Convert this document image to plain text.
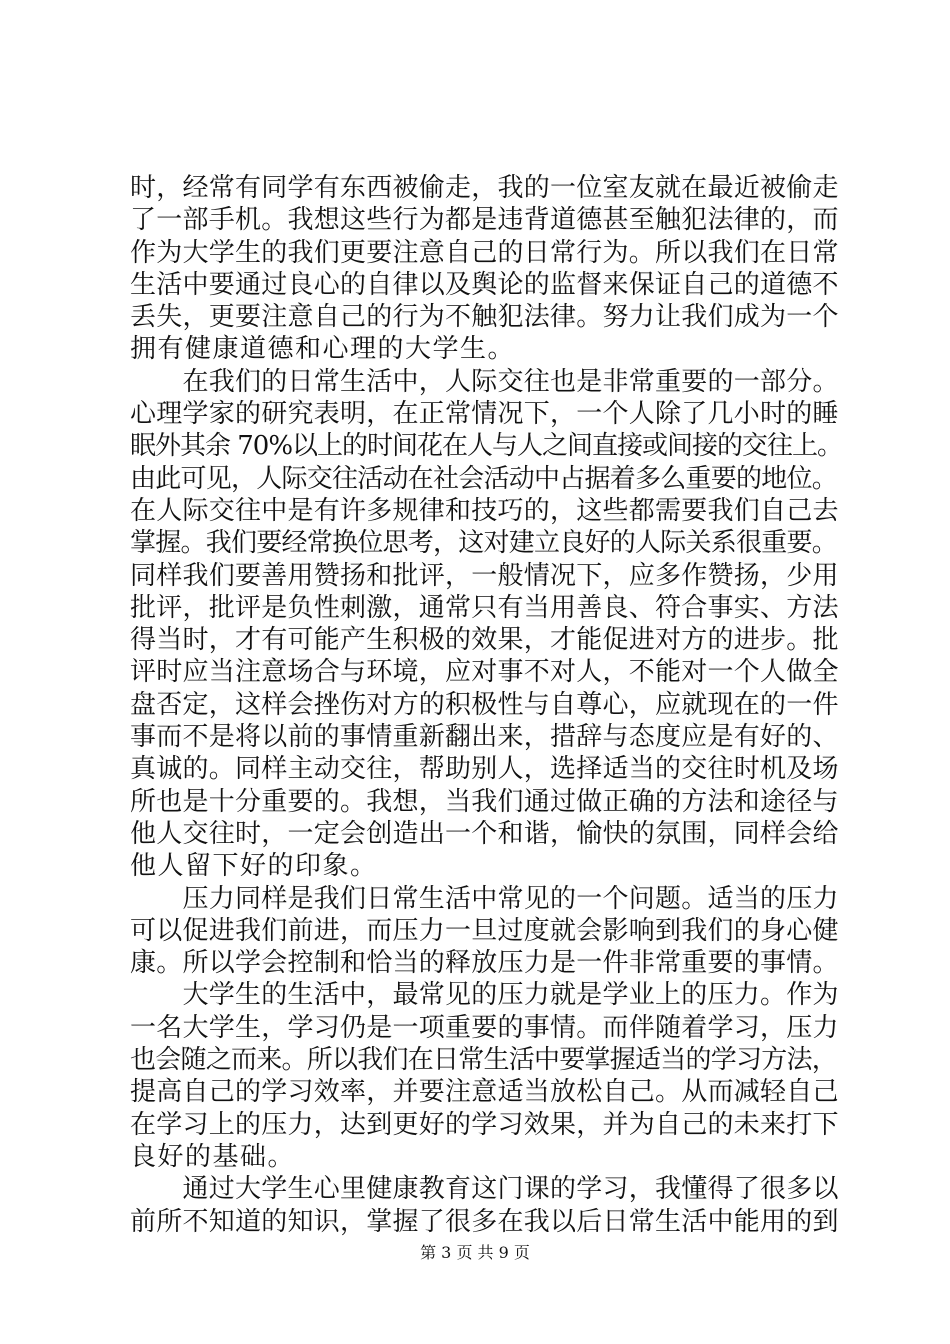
时，经常有同学有东西被偷走，我的一位室友就在最近被偷走
了一部手机。我想这些行为都是违背道德甚至触犯法律的，而
作为大学生的我们更要注意自己的日常行为。所以我们在日常
生活中要通过良心的自律以及舆论的监督来保证自己的道德不
丢失，更要注意自己的行为不触犯法律。努力让我们成为一个
拥有健康道德和心理的大学生。
　　在我们的日常生活中，人际交往也是非常重要的一部分。
心理学家的研究表明，在正常情况下，一个人除了几小时的睡
眠外其余 70%以上的时间花在人与人之间直接或间接的交往上。
由此可见，人际交往活动在社会活动中占据着多么重要的地位。
在人际交往中是有许多规律和技巧的，这些都需要我们自己去
掌握。我们要经常换位思考，这对建立良好的人际关系很重要。
同样我们要善用赞扬和批评，一般情况下，应多作赞扬，少用
批评，批评是负性刺激，通常只有当用善良、符合事实、方法
得当时，才有可能产生积极的效果，才能促进对方的进步。批
评时应当注意场合与环境，应对事不对人，不能对一个人做全
盘否定，这样会挫伤对方的积极性与自尊心，应就现在的一件
事而不是将以前的事情重新翻出来，措辞与态度应是有好的、
真诚的。同样主动交往，帮助别人，选择适当的交往时机及场
所也是十分重要的。我想，当我们通过做正确的方法和途径与
他人交往时，一定会创造出一个和谐，愉快的氛围，同样会给
他人留下好的印象。
　　压力同样是我们日常生活中常见的一个问题。适当的压力
可以促进我们前进，而压力一旦过度就会影响到我们的身心健
康。所以学会控制和恰当的释放压力是一件非常重要的事情。
　　大学生的生活中，最常见的压力就是学业上的压力。作为
一名大学生，学习仍是一项重要的事情。而伴随着学习，压力
也会随之而来。所以我们在日常生活中要掌握适当的学习方法，
提高自己的学习效率，并要注意适当放松自己。从而减轻自己
在学习上的压力，达到更好的学习效果，并为自己的未来打下
良好的基础。
　　通过大学生心里健康教育这门课的学习，我懂得了很多以
前所不知道的知识，掌握了很多在我以后日常生活中能用的到
第 3 页 共 9 页
